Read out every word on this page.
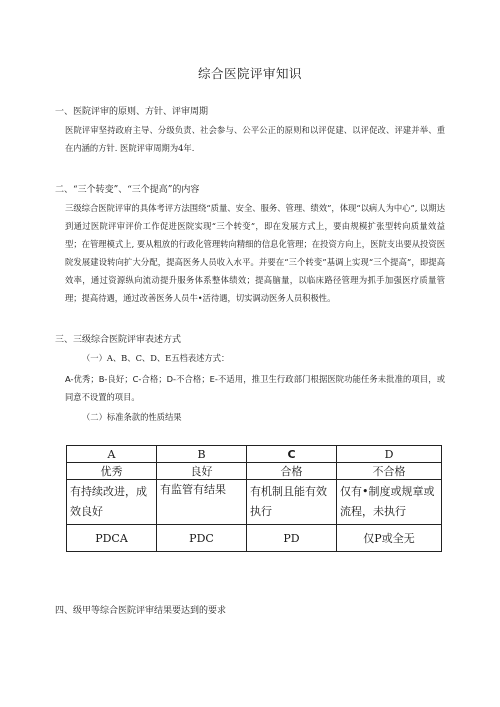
综合医院评审知识
一、医院评审的原则、方针、评审周期
医院评审坚持政府主导、分级负责、社会参与、公平公正的原则和以评促建、以评促改、评建并举、重在内涵的方针. 医院评审周期为4年.
二、“三个转变”、“三个提高”的内容
三级综合医院评审的具体考评方法围绕“质量、安全、服务、管理、绩效”，体现“以病人为中心”, 以期达到通过医院评审评价工作促进医院实现“三个转变”，即在发展方式上，要由规模扩张型转向质量效益型；在管理模式上, 要从粗放的行政化管理转向精细的信息化管理；在投资方向上，医院支出要从投资医院发展建设转向扩大分配，提高医务人员收入水平。并要在“三个转变”基调上实现“三个提高”，即提高效率，通过资源纵向流动提升服务体系整体绩效；提高脑量，以临床路径管理为抓手加强医疗质量管理；提高待遇，通过改善医务人员牛•活待遇，切实调动医务人员积极性。
三、三级综合医院评审表述方式
（一）A、B、C、D、E五档表述方式：
A-优秀；B-良好；C-合格；D-不合格；E-不适用，推卫生行政部门根据医院功能任务未批准的项目，或同意不设置的项目。
（二）标准条款的性质结果
A	B	C	D
优秀	良好	合格	不合格
有持续改进，成效良好	有监管有结果	有机制且能有效执行	仅有•制度或规章或流程，未执行
PDCA	PDC	PD	仅P或全无
四、级甲等综合医院评审结果要达到的要求
